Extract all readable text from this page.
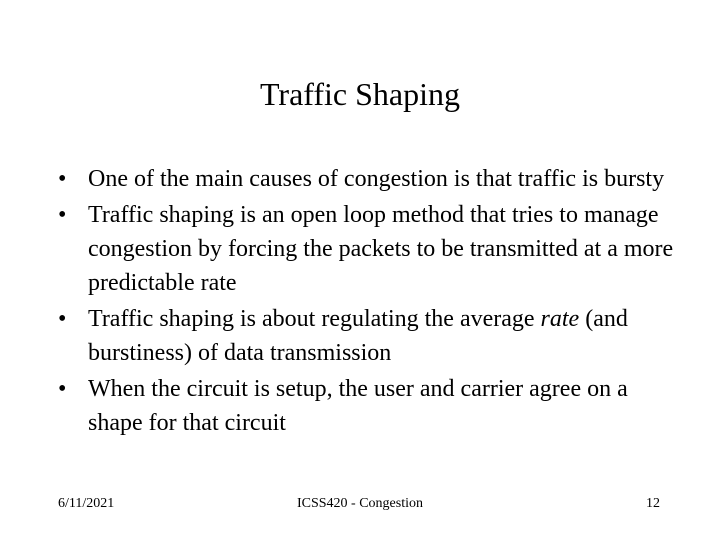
Traffic Shaping
• One of the main causes of congestion is that traffic is bursty
• Traffic shaping is an open loop method that tries to manage congestion by forcing the packets to be transmitted at a more predictable rate
• Traffic shaping is about regulating the average rate (and burstiness) of data transmission
• When the circuit is setup, the user and carrier agree on a shape for that circuit
6/11/2021	ICSS420 - Congestion	12
